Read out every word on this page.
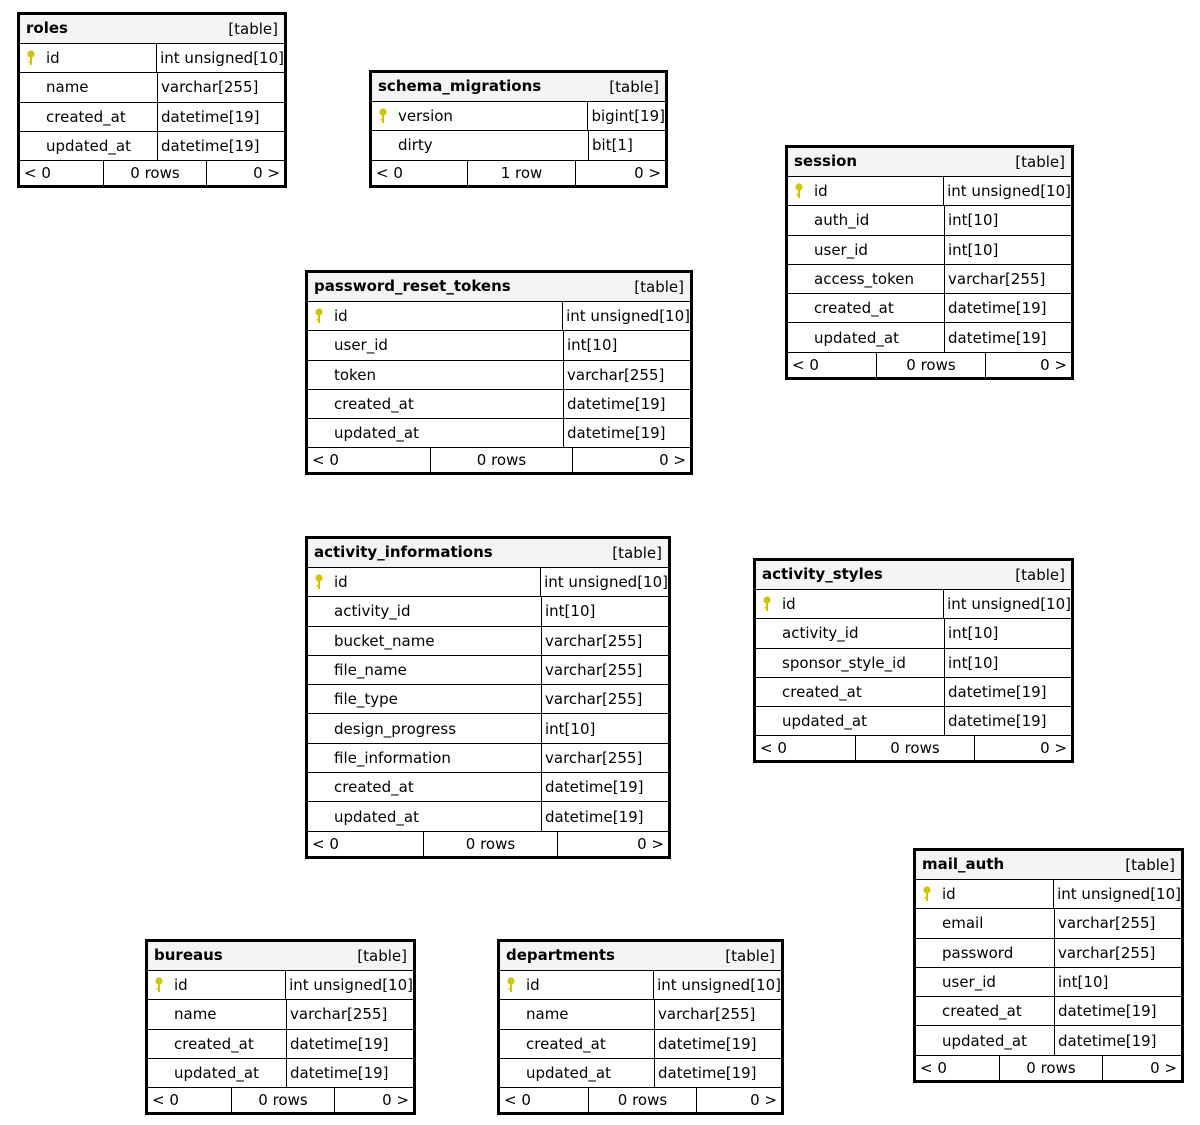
roles	[table]
id	int unsigned[10]
name	varchar[255]
created_at datetime[19]
updated_at datetime[19]
< 0	0 rows	0 >
schema_migrations	[table]
version	bigint[19]
dirty	bit[1]
< 0	1 row	0 >
session	[table]
id	int unsigned[10]
auth_id	int[10]
user_id	int[10]
access_token varchar[255]
created_at	datetime[19]
updated_at	datetime[19]
< 0	0 rows	0 >
password_reset_tokens	[table]
id	int unsigned[10]
user_id	int[10]
token	varchar[255]
created_at	datetime[19]
updated_at	datetime[19]
< 0	0 rows	0 >
activity_informations	[table]
id	int unsigned[10]
activity_id	int[10]
bucket_name	varchar[255]
file_name	varchar[255]
file_type	varchar[255]
design_progress	int[10]
file_information	varchar[255]
created_at	datetime[19]
updated_at	datetime[19]
< 0	0 rows	0 >
activity_styles	[table]
id	int unsigned[10]
activity_id	int[10]
sponsor_style_id	int[10]
created_at	datetime[19]
updated_at	datetime[19]
< 0	0 rows	0 >
mail_auth	[table]
id	int unsigned[10]
email	varchar[255]
password	varchar[255]
user_id	int[10]
created_at datetime[19]
updated_at datetime[19]
< 0	0 rows	0 >
bureaus	[table]
id	int unsigned[10]
name	varchar[255]
created_at datetime[19]
updated_at datetime[19]
< 0	0 rows	0 >
departments	[table]
id	int unsigned[10]
name	varchar[255]
created_at	datetime[19]
updated_at	datetime[19]
< 0	0 rows	0 >
